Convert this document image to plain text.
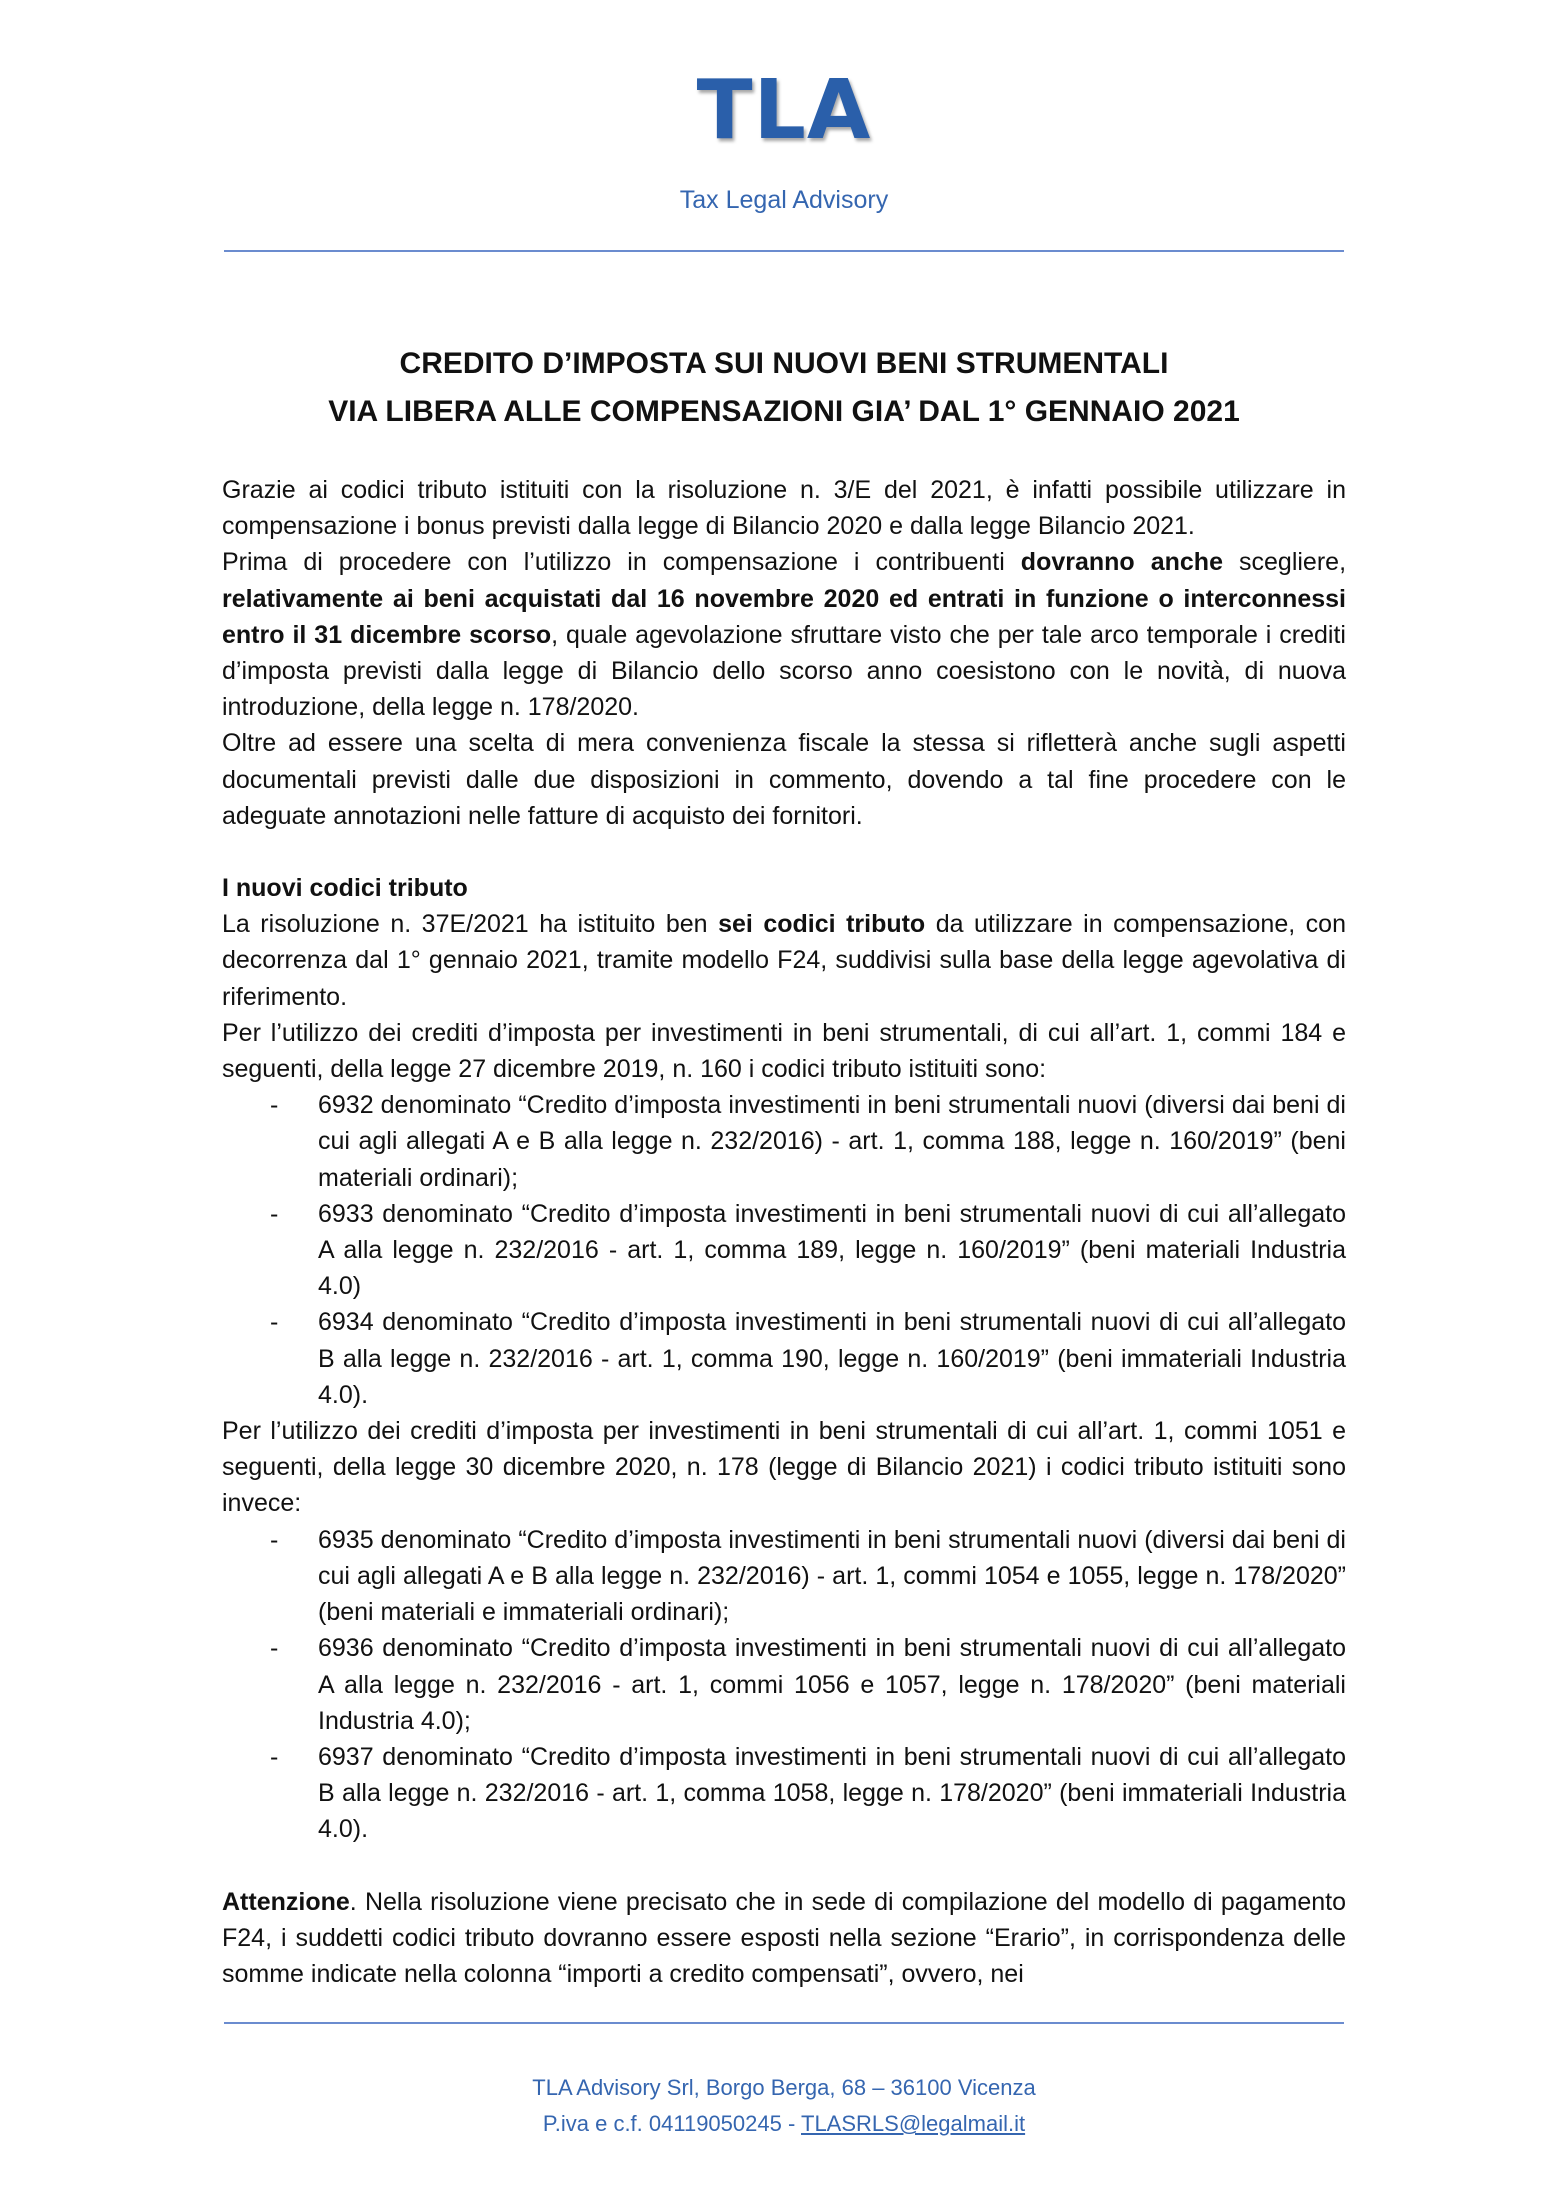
TLA
Tax Legal Advisory
CREDITO D’IMPOSTA SUI NUOVI BENI STRUMENTALI
VIA LIBERA ALLE COMPENSAZIONI GIA’ DAL 1° GENNAIO 2021

Grazie ai codici tributo istituiti con la risoluzione n. 3/E del 2021, è infatti possibile utilizzare in compensazione i bonus previsti dalla legge di Bilancio 2020 e dalla legge Bilancio 2021.

Prima di procedere con l’utilizzo in compensazione i contribuenti dovranno anche scegliere, relativamente ai beni acquistati dal 16 novembre 2020 ed entrati in funzione o interconnessi entro il 31 dicembre scorso, quale agevolazione sfruttare visto che per tale arco temporale i crediti d’imposta previsti dalla legge di Bilancio dello scorso anno coesistono con le novità, di nuova introduzione, della legge n. 178/2020.

Oltre ad essere una scelta di mera convenienza fiscale la stessa si rifletterà anche sugli aspetti documentali previsti dalle due disposizioni in commento, dovendo a tal fine procedere con le adeguate annotazioni nelle fatture di acquisto dei fornitori.

I nuovi codici tributo

La risoluzione n. 37E/2021 ha istituito ben sei codici tributo da utilizzare in compensazione, con decorrenza dal 1° gennaio 2021, tramite modello F24, suddivisi sulla base della legge agevolativa di riferimento.

Per l’utilizzo dei crediti d’imposta per investimenti in beni strumentali, di cui all’art. 1, commi 184 e seguenti, della legge 27 dicembre 2019, n. 160 i codici tributo istituiti sono:

- 6932 denominato “Credito d’imposta investimenti in beni strumentali nuovi (diversi dai beni di cui agli allegati A e B alla legge n. 232/2016) - art. 1, comma 188, legge n. 160/2019” (beni materiali ordinari);
- 6933 denominato “Credito d’imposta investimenti in beni strumentali nuovi di cui all’allegato A alla legge n. 232/2016 - art. 1, comma 189, legge n. 160/2019” (beni materiali Industria 4.0)
- 6934 denominato “Credito d’imposta investimenti in beni strumentali nuovi di cui all’allegato B alla legge n. 232/2016 - art. 1, comma 190, legge n. 160/2019” (beni immateriali Industria 4.0).

Per l’utilizzo dei crediti d’imposta per investimenti in beni strumentali di cui all’art. 1, commi 1051 e seguenti, della legge 30 dicembre 2020, n. 178 (legge di Bilancio 2021) i codici tributo istituiti sono invece:

- 6935 denominato “Credito d’imposta investimenti in beni strumentali nuovi (diversi dai beni di cui agli allegati A e B alla legge n. 232/2016) - art. 1, commi 1054 e 1055, legge n. 178/2020” (beni materiali e immateriali ordinari);
- 6936 denominato “Credito d’imposta investimenti in beni strumentali nuovi di cui all’allegato A alla legge n. 232/2016 - art. 1, commi 1056 e 1057, legge n. 178/2020” (beni materiali Industria 4.0);
- 6937 denominato “Credito d’imposta investimenti in beni strumentali nuovi di cui all’allegato B alla legge n. 232/2016 - art. 1, comma 1058, legge n. 178/2020” (beni immateriali Industria 4.0).

Attenzione. Nella risoluzione viene precisato che in sede di compilazione del modello di pagamento F24, i suddetti codici tributo dovranno essere esposti nella sezione “Erario”, in corrispondenza delle somme indicate nella colonna “importi a credito compensati”, ovvero, nei

TLA Advisory Srl, Borgo Berga, 68 – 36100 Vicenza
P.iva e c.f. 04119050245 - TLASRLS@legalmail.it
